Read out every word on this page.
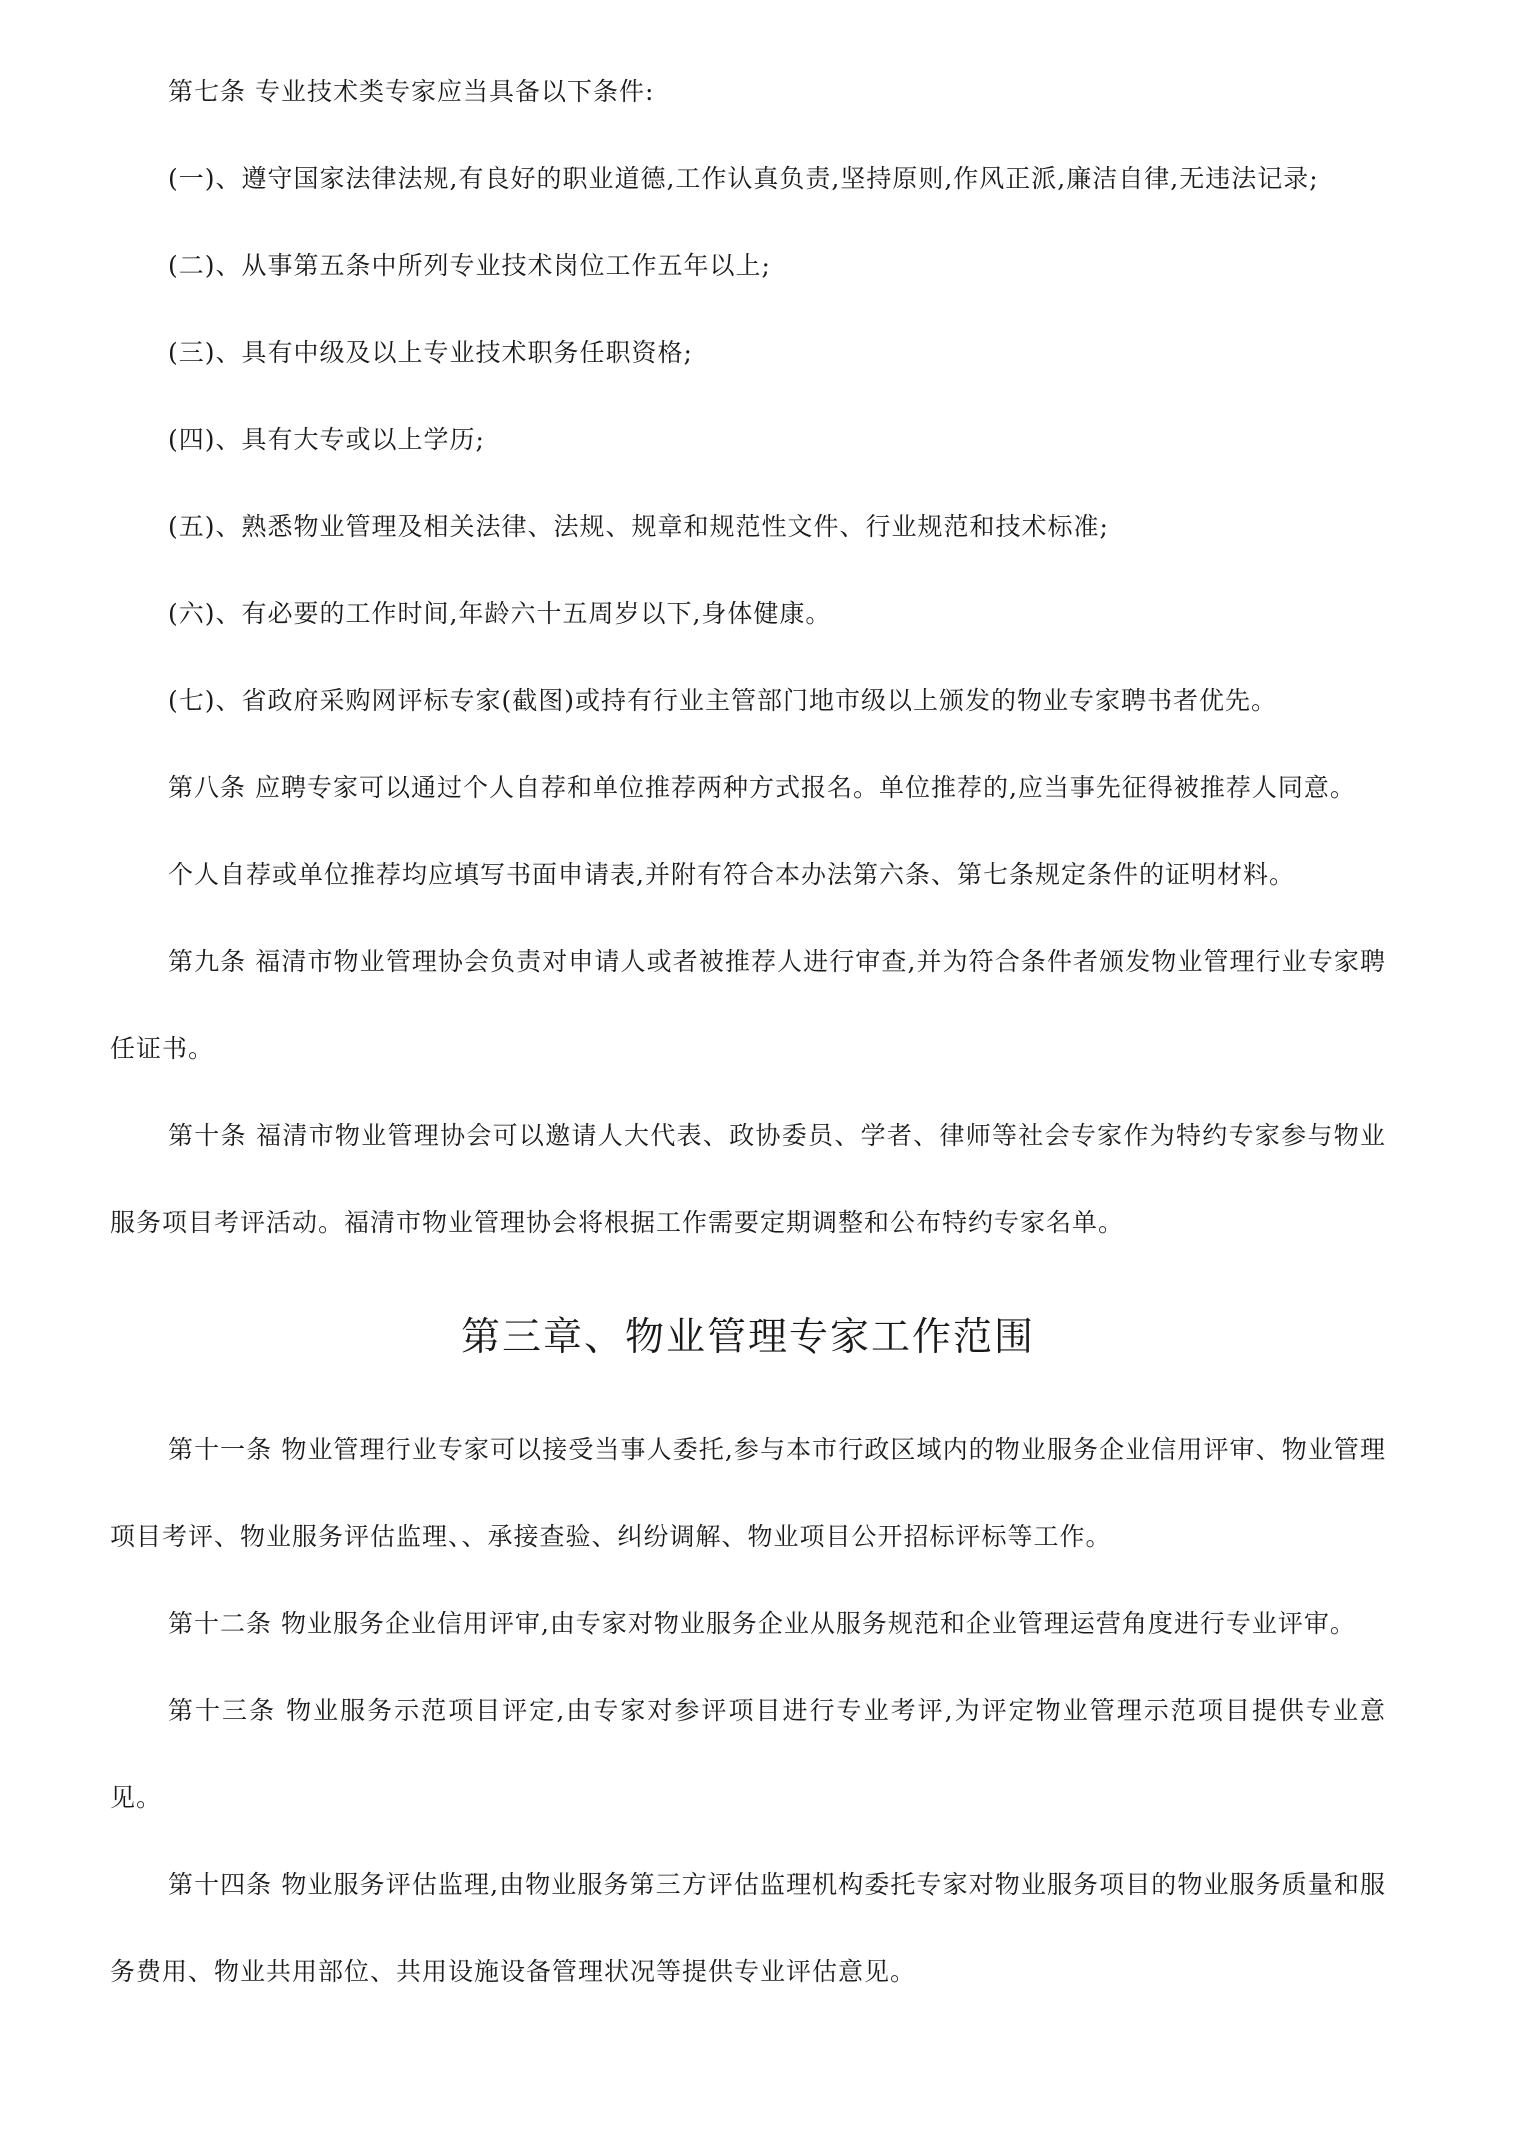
第七条 专业技术类专家应当具备以下条件:

(一)、遵守国家法律法规,有良好的职业道德,工作认真负责,坚持原则,作风正派,廉洁自律,无违法记录;

(二)、从事第五条中所列专业技术岗位工作五年以上;

(三)、具有中级及以上专业技术职务任职资格;

(四)、具有大专或以上学历;

(五)、熟悉物业管理及相关法律、法规、规章和规范性文件、行业规范和技术标准;

(六)、有必要的工作时间,年龄六十五周岁以下,身体健康。

(七)、省政府采购网评标专家(截图)或持有行业主管部门地市级以上颁发的物业专家聘书者优先。

第八条 应聘专家可以通过个人自荐和单位推荐两种方式报名。单位推荐的,应当事先征得被推荐人同意。

个人自荐或单位推荐均应填写书面申请表,并附有符合本办法第六条、第七条规定条件的证明材料。

第九条 福清市物业管理协会负责对申请人或者被推荐人进行审查,并为符合条件者颁发物业管理行业专家聘任证书。

第十条 福清市物业管理协会可以邀请人大代表、政协委员、学者、律师等社会专家作为特约专家参与物业服务项目考评活动。福清市物业管理协会将根据工作需要定期调整和公布特约专家名单。

第三章、物业管理专家工作范围

第十一条 物业管理行业专家可以接受当事人委托,参与本市行政区域内的物业服务企业信用评审、物业管理项目考评、物业服务评估监理、、承接查验、纠纷调解、物业项目公开招标评标等工作。

第十二条 物业服务企业信用评审,由专家对物业服务企业从服务规范和企业管理运营角度进行专业评审。

第十三条 物业服务示范项目评定,由专家对参评项目进行专业考评,为评定物业管理示范项目提供专业意见。

第十四条 物业服务评估监理,由物业服务第三方评估监理机构委托专家对物业服务项目的物业服务质量和服务费用、物业共用部位、共用设施设备管理状况等提供专业评估意见。
